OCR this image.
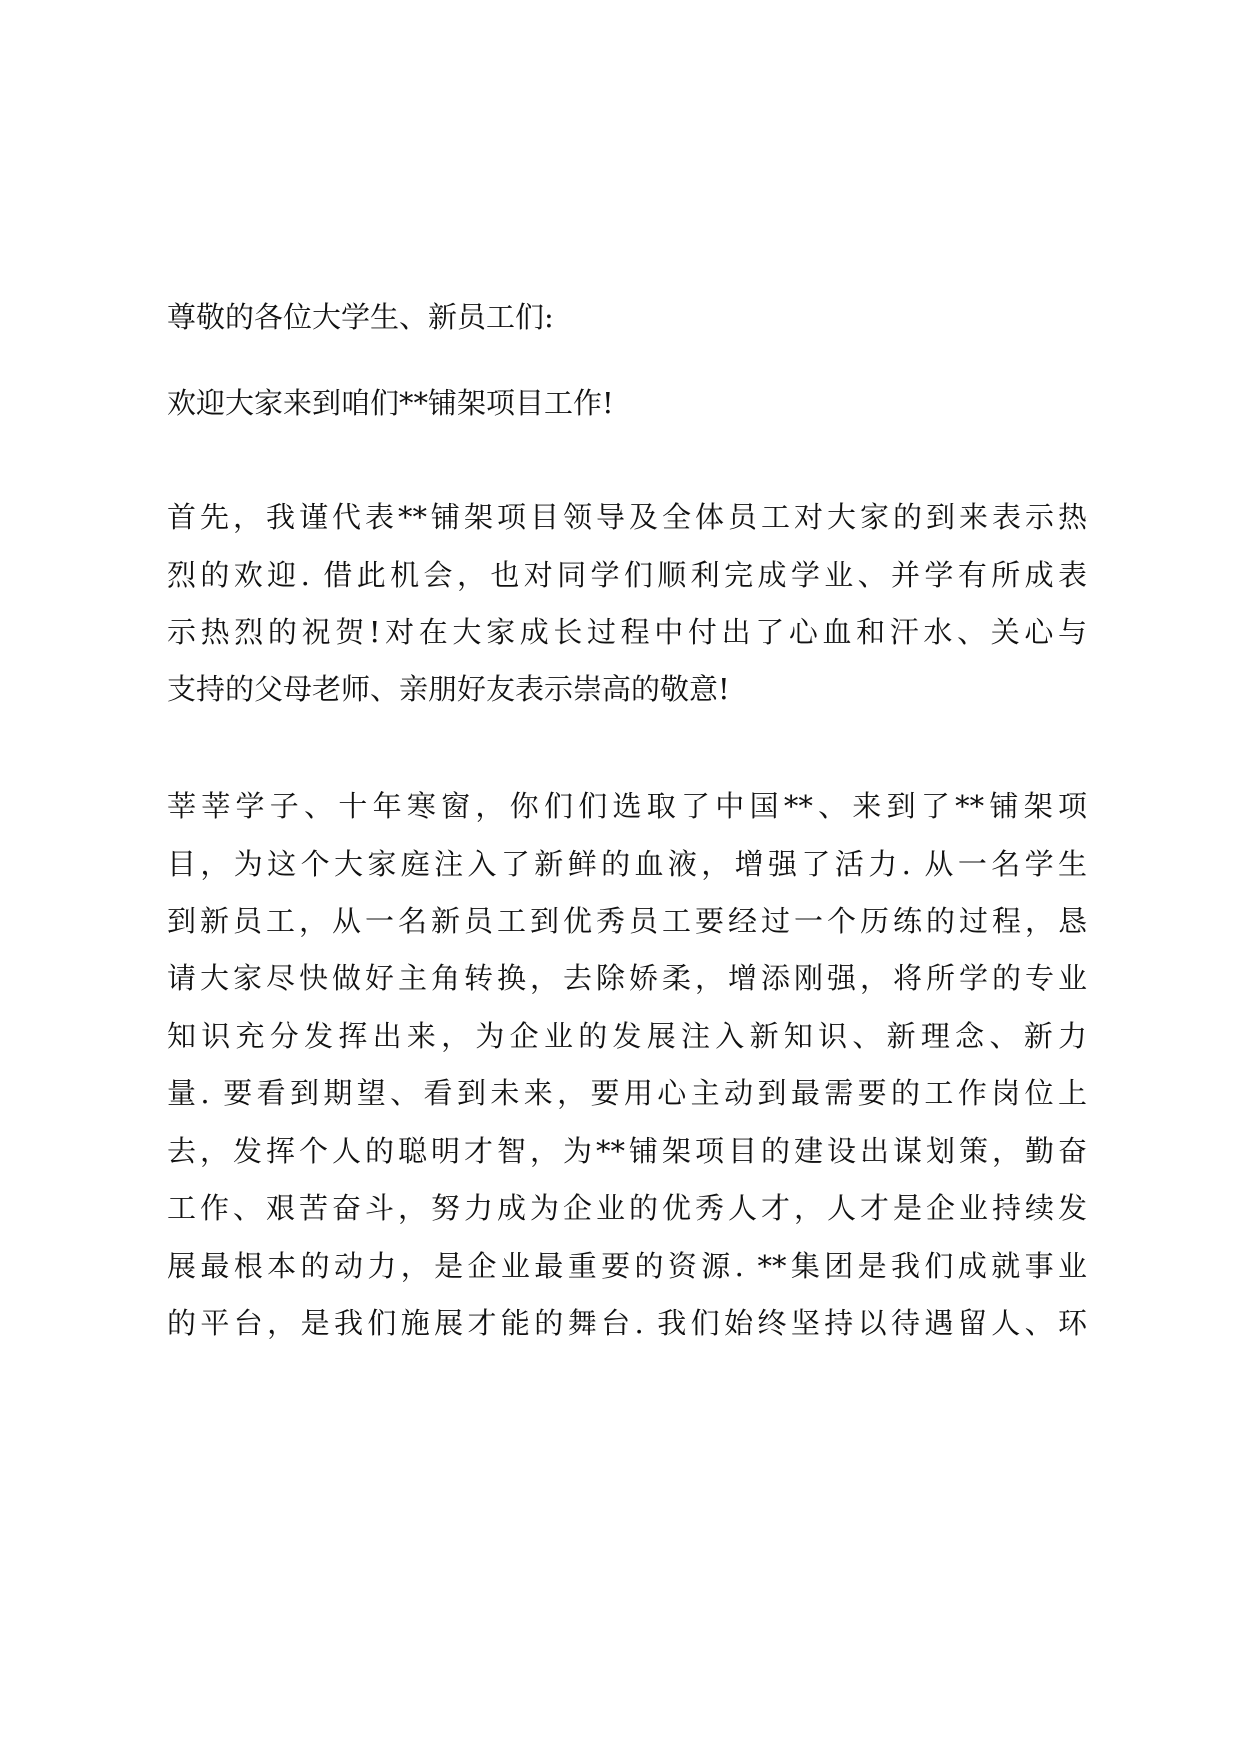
尊敬的各位大学生、新员工们:
欢迎大家来到咱们**铺架项目工作!
首先，我谨代表**铺架项目领导及全体员工对大家的到来表示热
烈的欢迎. 借此机会，也对同学们顺利完成学业、并学有所成表
示热烈的祝贺!对在大家成长过程中付出了心血和汗水、关心与
支持的父母老师、亲朋好友表示崇高的敬意!
莘莘学子、十年寒窗，你们们选取了中国**、来到了**铺架项
目，为这个大家庭注入了新鲜的血液，增强了活力. 从一名学生
到新员工，从一名新员工到优秀员工要经过一个历练的过程，恳
请大家尽快做好主角转换，去除娇柔，增添刚强，将所学的专业
知识充分发挥出来，为企业的发展注入新知识、新理念、新力
量. 要看到期望、看到未来，要用心主动到最需要的工作岗位上
去，发挥个人的聪明才智，为**铺架项目的建设出谋划策，勤奋
工作、艰苦奋斗，努力成为企业的优秀人才，人才是企业持续发
展最根本的动力，是企业最重要的资源. **集团是我们成就事业
的平台，是我们施展才能的舞台. 我们始终坚持以待遇留人、环
